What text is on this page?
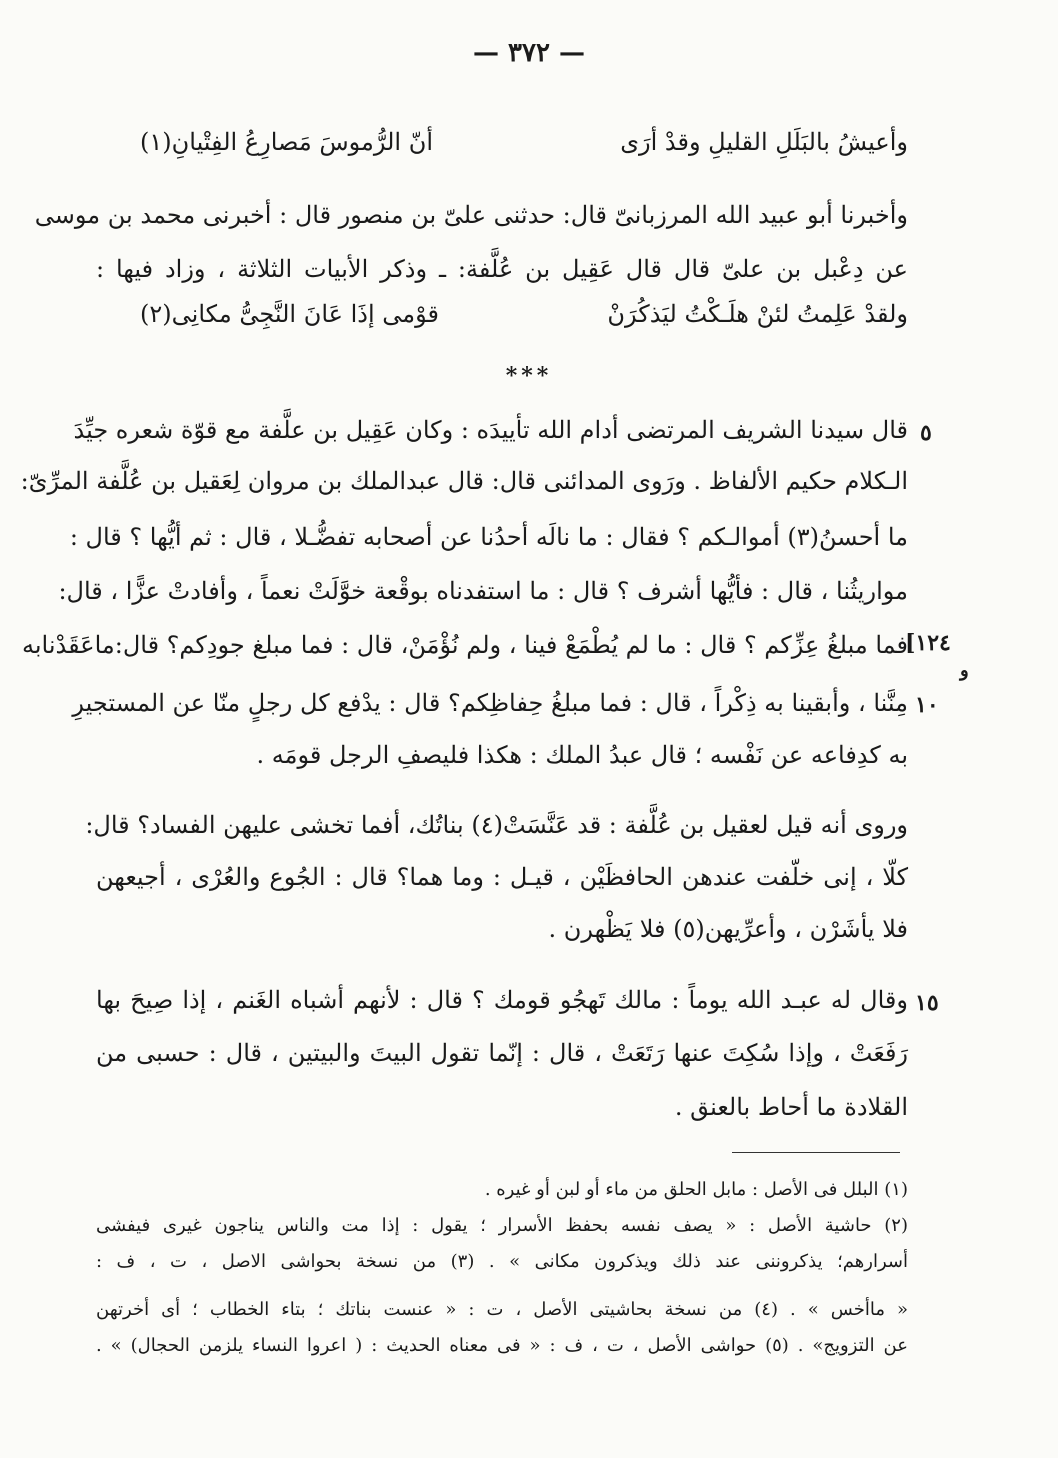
— ٣٧٢ —
وأعيشُ بالبَلَلِ القليلِ وقدْ أرَى
أنّ الرُّموسَ مَصارِعُ الفِتْيانِ(١)
وأخبرنا أبو عبيد الله المرزبانىّ قال: حدثنى علىّ بن منصور قال : أخبرنى محمد بن موسى
عن دِعْبل بن علىّ قال قال عَقِيل بن عُلَّفة: ـ وذكر الأبيات الثلاثة ، وزاد فيها :
ولقدْ عَلِمتُ لئنْ هلَـكْتُ ليَذكُرَنْ
قوْمى إذَا عَانَ النَّجِىُّ مكانِى(٢)
***
٥
قال سيدنا الشريف المرتضى أدام الله تأييدَه : وكان عَقِيل بن علَّفة مع قوّة شعره جيِّدَ
الـكلام حكيم الألفاظ . ورَوى المدائنى قال: قال عبدالملك بن مروان لِعَقيل بن عُلَّفة المرِّىّ:
ما أحسنُ(٣) أموالـكم ؟ فقال : ما نالَه أحدُنا عن أصحابه تفضُّـلا ، قال : ثم أيُّها ؟ قال :
مواريثُنا ، قال : فأيُّها أشرف ؟ قال : ما استفدناه بوقْعة خوَّلَتْ نعماً ، وأفادتْ عزًّا ، قال:
[١٢٤
و
فما مبلغُ عِزِّكم ؟ قال : ما لم يُطْمَعْ فينا ، ولم نُؤْمَنْ، قال : فما مبلغ جودِكم؟ قال:ماعَقَدْنابه
١٠
مِنَّنا ، وأبقينا به ذِكْراً ، قال : فما مبلغُ حِفاظِكم؟ قال : يدْفع كل رجلٍ منّا عن المستجيرِ
به كدِفاعه عن نَفْسه ؛ قال عبدُ الملك : هكذا فليصفِ الرجل قومَه .
وروى أنه قيل لعقيل بن عُلَّفة : قد عَنَّسَتْ(٤) بناتُك، أفما تخشى عليهن الفساد؟ قال:
كلّا ، إنى خلّفت عندهن الحافظَيْن ، قيـل : وما هما؟ قال : الجُوع والعُرْى ، أجيعهن
فلا يأشَرْن ، وأعرِّيهن(٥) فلا يَظْهرن .
١٥
وقال له عبـد الله يوماً : مالك تَهجُو قومك ؟ قال : لأنهم أشباه الغَنم ، إذا صِيحَ بها
رَفَعَتْ ، وإذا سُكِتَ عنها رَتَعَتْ ، قال : إنّما تقول البيتَ والبيتين ، قال : حسبى من
القلادة ما أحاط بالعنق .
(١) البلل فى الأصل : مابل الحلق من ماء أو لبن أو غيره .
(٢) حاشية الأصل : « يصف نفسه بحفظ الأسرار ؛ يقول : إذا مت والناس يناجون غيرى فيفشى
أسرارهم؛ يذكروننى عند ذلك ويذكرون مكانى » . (٣) من نسخة بحواشى الاصل ، ت ، ف :
« ماأخس » . (٤) من نسخة بحاشيتى الأصل ، ت : « عنست بناتك ؛ بتاء الخطاب ؛ أى أخرتهن
عن التزويج» . (٥) حواشى الأصل ، ت ، ف : « فى معناه الحديث : ( اعروا النساء يلزمن الحجال) » .
